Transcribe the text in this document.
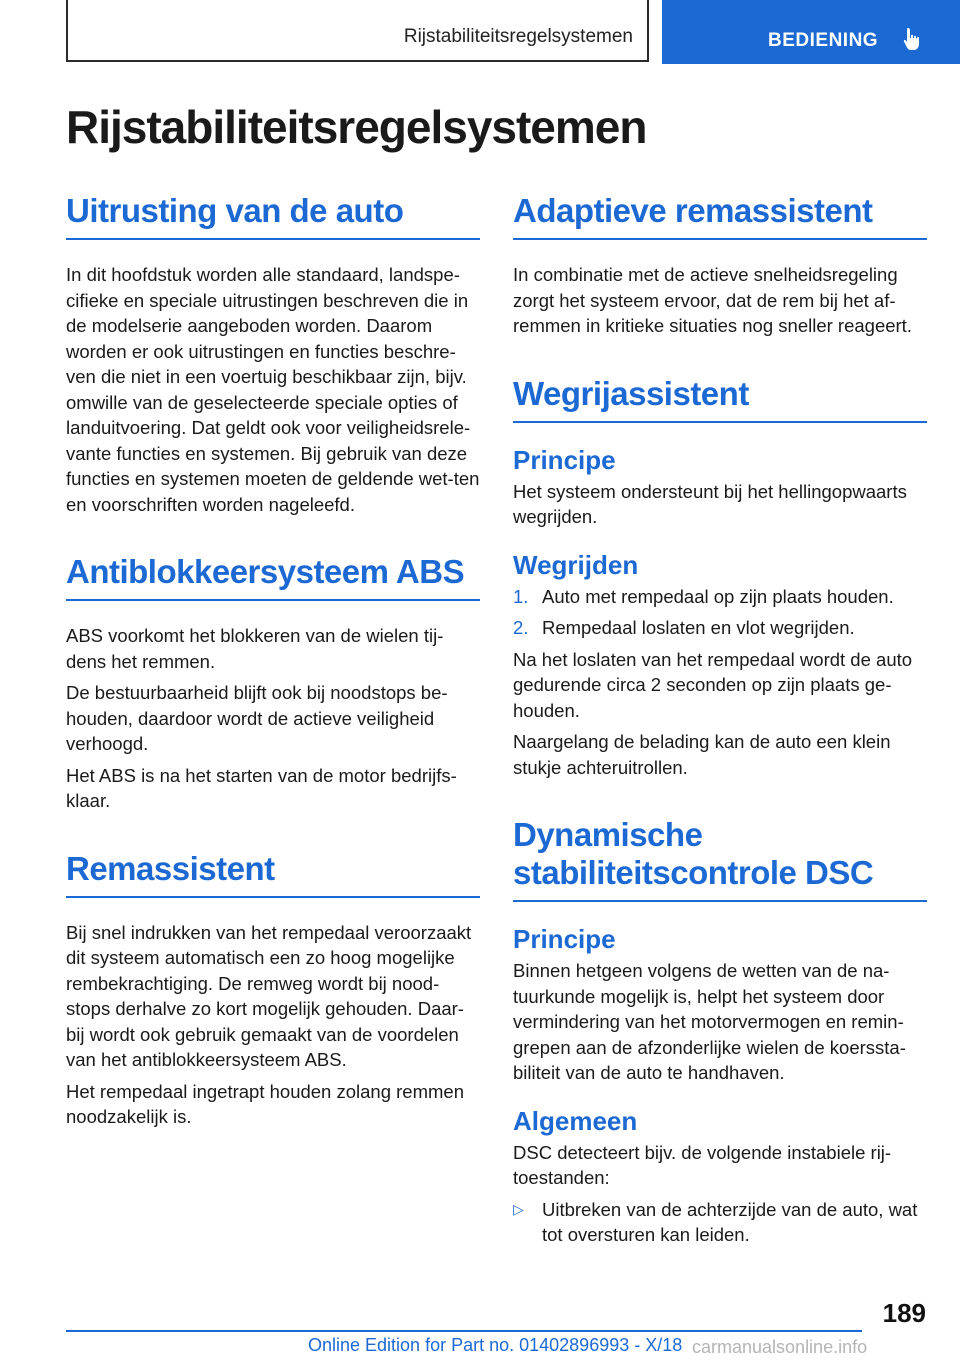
Rijstabiliteitsregelsystemen	BEDIENING
Rijstabiliteitsregelsystemen
Uitrusting van de auto

In dit hoofdstuk worden alle standaard, landspe-cifieke en speciale uitrustingen beschreven die in de modelserie aangeboden worden. Daarom worden er ook uitrustingen en functies beschre-ven die niet in een voertuig beschikbaar zijn, bijv. omwille van de geselecteerde speciale opties of landuitvoering. Dat geldt ook voor veiligheidsrele-vante functies en systemen. Bij gebruik van deze functies en systemen moeten de geldende wet-ten en voorschriften worden nageleefd.

Antiblokkeersysteem ABS

ABS voorkomt het blokkeren van de wielen tij-dens het remmen.

De bestuurbaarheid blijft ook bij noodstops be-houden, daardoor wordt de actieve veiligheid verhoogd.

Het ABS is na het starten van de motor bedrijfs-klaar.

Remassistent

Bij snel indrukken van het rempedaal veroorzaakt dit systeem automatisch een zo hoog mogelijke rembekrachtiging. De remweg wordt bij nood-stops derhalve zo kort mogelijk gehouden. Daar-bij wordt ook gebruik gemaakt van de voordelen van het antiblokkeersysteem ABS.

Het rempedaal ingetrapt houden zolang remmen noodzakelijk is.

Adaptieve remassistent

In combinatie met de actieve snelheidsregeling zorgt het systeem ervoor, dat de rem bij het af-remmen in kritieke situaties nog sneller reageert.

Wegrijassistent
Principe

Het systeem ondersteunt bij het hellingopwaarts wegrijden.

Wegrijden
1. Auto met rempedaal op zijn plaats houden.
2. Rempedaal loslaten en vlot wegrijden.

Na het loslaten van het rempedaal wordt de auto gedurende circa 2 seconden op zijn plaats ge-houden.

Naargelang de belading kan de auto een klein stukje achteruitrollen.

Dynamische stabiliteitscontrole DSC
Principe

Binnen hetgeen volgens de wetten van de na-tuurkunde mogelijk is, helpt het systeem door vermindering van het motorvermogen en remin-grepen aan de afzonderlijke wielen de koerssta-biliteit van de auto te handhaven.

Algemeen

DSC detecteert bijv. de volgende instabiele rij-toestanden:

▷ Uitbreken van de achterzijde van de auto, wat tot oversturen kan leiden.
189
Online Edition for Part no. 01402896993 - X/18 carmanualsonline.info
